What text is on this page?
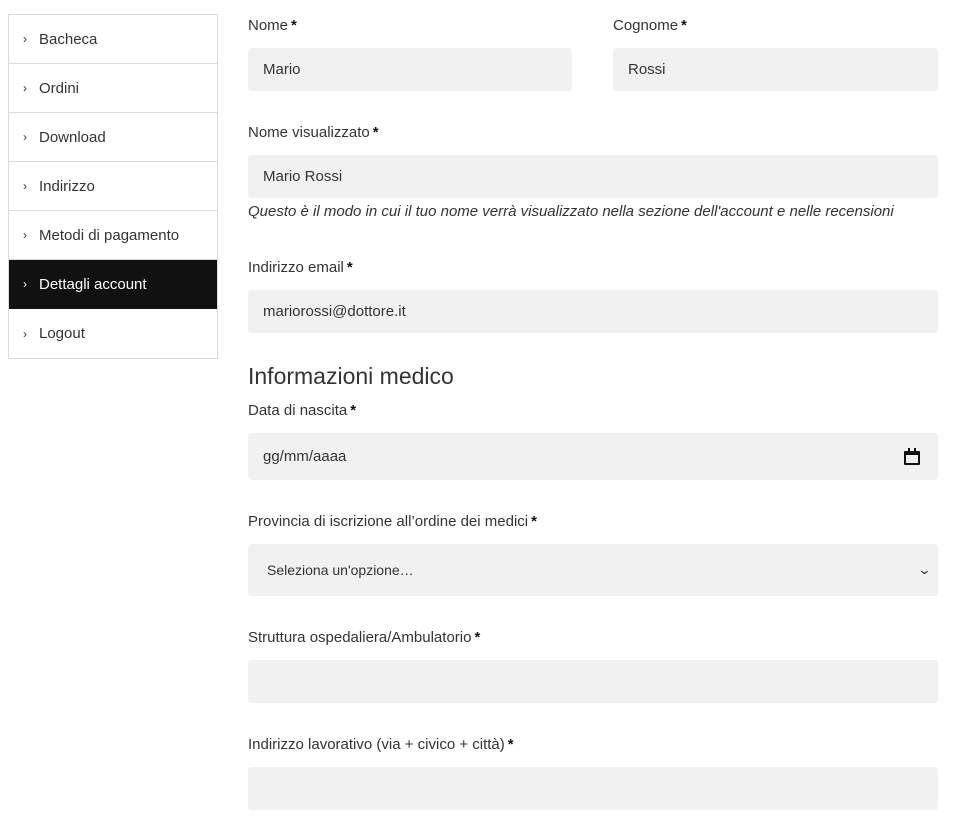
› Bacheca
› Ordini
› Download
› Indirizzo
› Metodi di pagamento
› Dettagli account
› Logout
Nome *
Mario
Cognome *
Rossi
Nome visualizzato *
Mario Rossi
Questo è il modo in cui il tuo nome verrà visualizzato nella sezione dell'account e nelle recensioni
Indirizzo email *
mariorossi@dottore.it
Informazioni medico
Data di nascita *
gg/mm/aaaa
Provincia di iscrizione all’ordine dei medici *
Seleziona un'opzione…	⌄
Struttura ospedaliera/Ambulatorio *
Indirizzo lavorativo (via + civico + città) *
